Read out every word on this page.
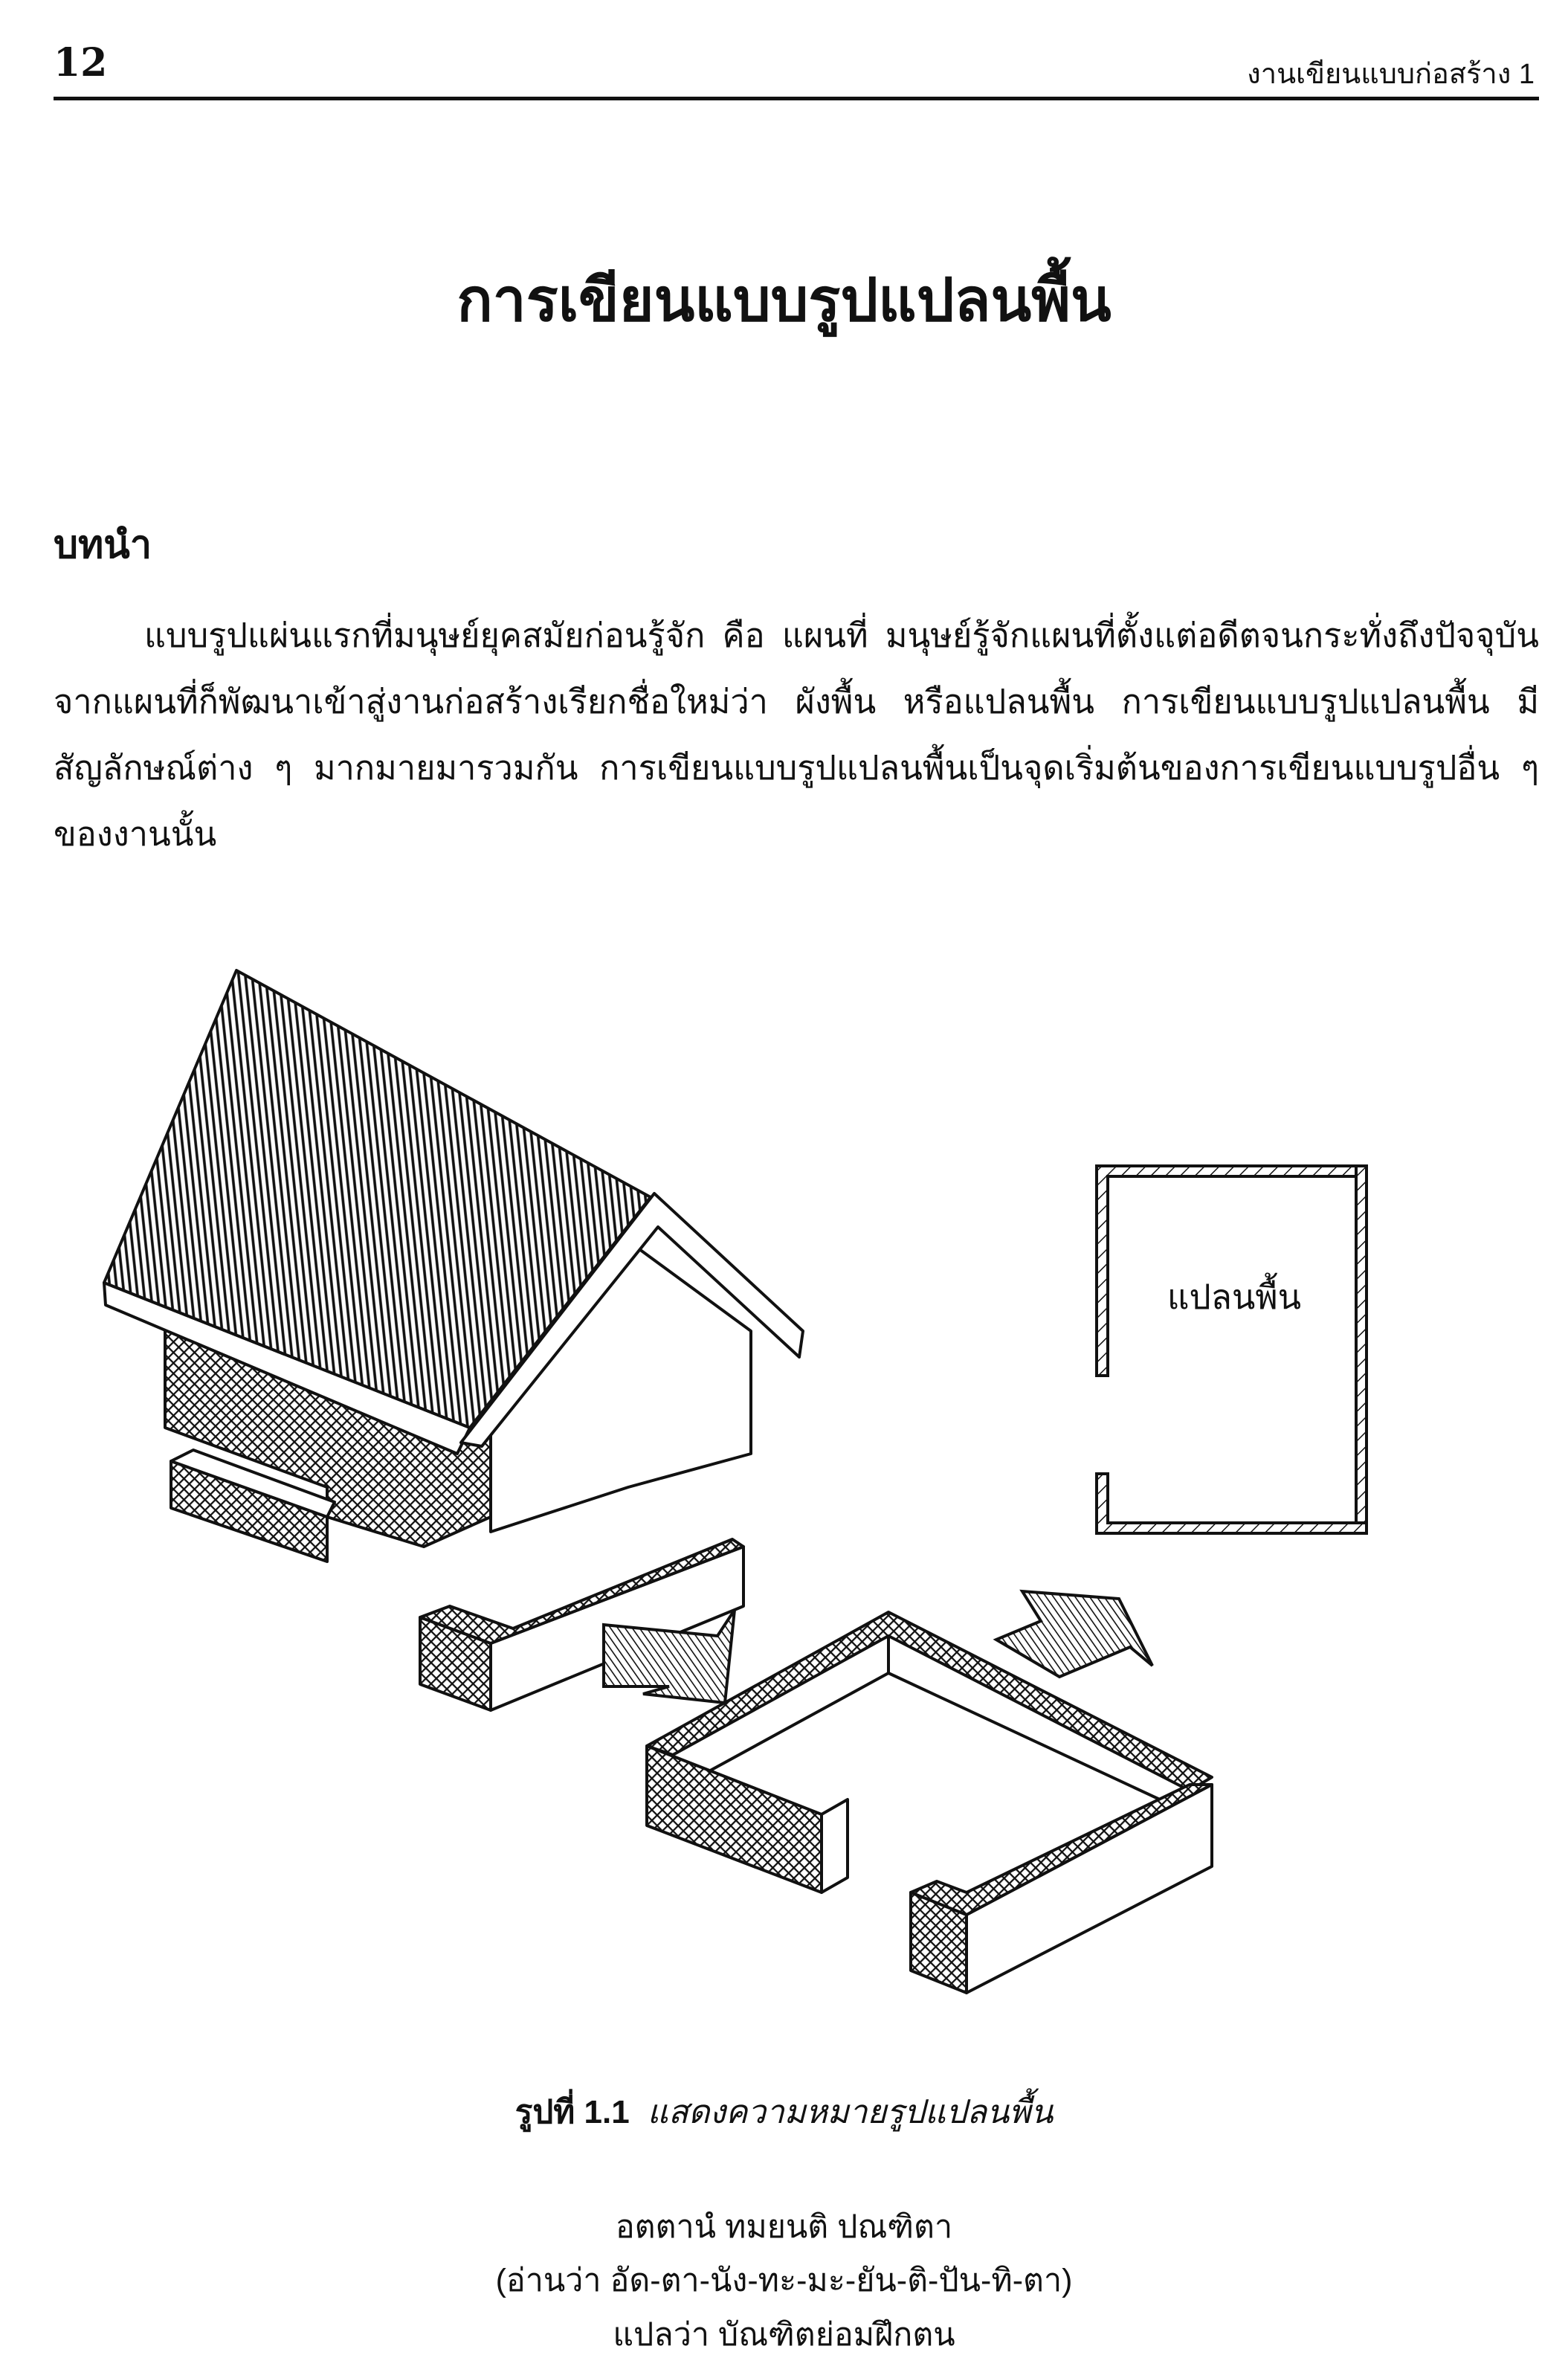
12	งานเขียนแบบก่อสร้าง 1
การเขียนแบบรูปแปลนพื้น
บทนำ

แบบรูปแผ่นแรกที่มนุษย์ยุคสมัยก่อนรู้จัก คือ แผนที่ มนุษย์รู้จักแผนที่ตั้งแต่อดีตจนกระทั่งถึงปัจจุบัน จากแผนที่ก็พัฒนาเข้าสู่งานก่อสร้างเรียกชื่อใหม่ว่า ผังพื้น หรือแปลนพื้น การเขียนแบบรูปแปลนพื้น มีสัญลักษณ์ต่าง ๆ มากมายมารวมกัน การเขียนแบบรูปแปลนพื้นเป็นจุดเริ่มต้นของการเขียนแบบรูปอื่น ๆ ของงานนั้น

แปลนพื้น
รูปที่ 1.1 แสดงความหมายรูปแปลนพื้น
อตตานํ ทมยนติ ปณฑิตา
(อ่านว่า อัด-ตา-นัง-ทะ-มะ-ยัน-ติ-ปัน-ทิ-ตา)
แปลว่า บัณฑิตย่อมฝึกตน
